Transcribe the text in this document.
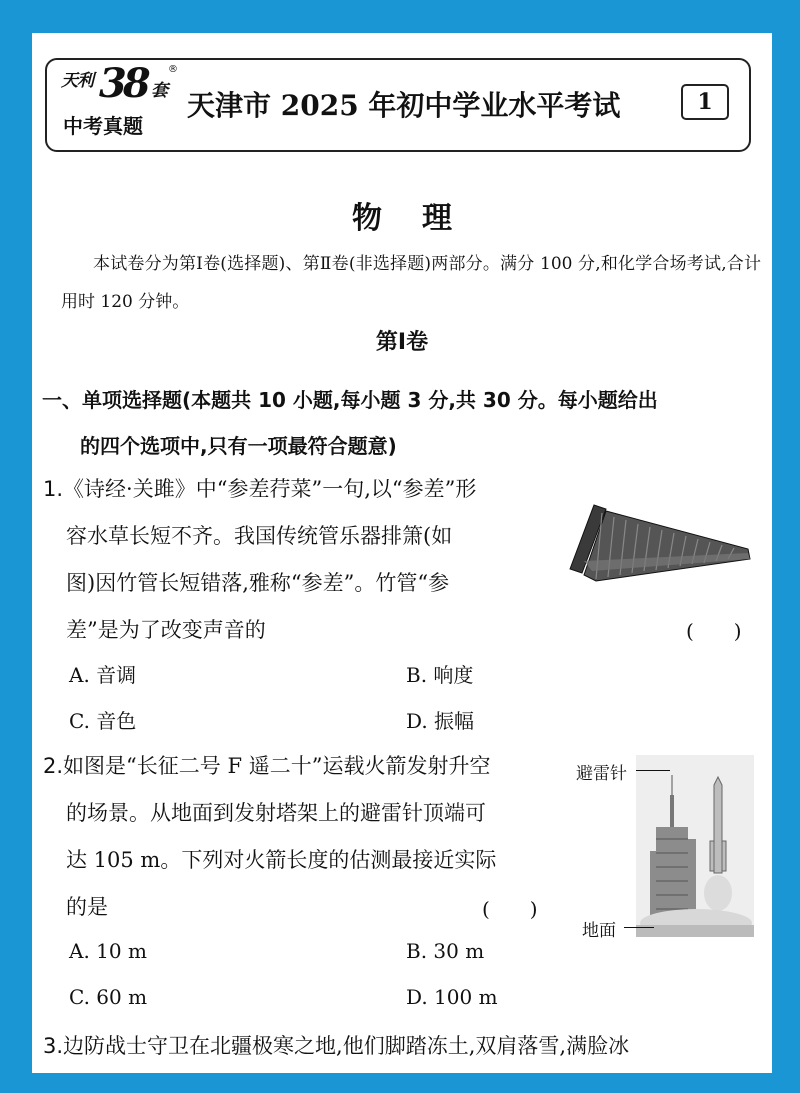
天利 38 套
®
中考真题
天津市 2025 年初中学业水平考试	1
物理
本试卷分为第Ⅰ卷(选择题)、第Ⅱ卷(非选择题)两部分。满分 100 分,和化学合场考试,合计用时 120 分钟。
第Ⅰ卷
一、单项选择题(本题共 10 小题,每小题 3 分,共 30 分。每小题给出
的四个选项中,只有一项最符合题意)
1.《诗经·关雎》中“参差荇菜”一句,以“参差”形
容水草长短不齐。我国传统管乐器排箫(如
图)因竹管长短错落,雅称“参差”。竹管“参
差”是为了改变声音的	(　　)
A. 音调	B. 响度
C. 音色	D. 振幅
2.如图是“长征二号 F 遥二十”运载火箭发射升空
的场景。从地面到发射塔架上的避雷针顶端可
达 105 m。下列对火箭长度的估测最接近实际
的是	(　　)
避雷针
地面
A. 10 m	B. 30 m
C. 60 m	D. 100 m
3.边防战士守卫在北疆极寒之地,他们脚踏冻土,双肩落雪,满脸冰
